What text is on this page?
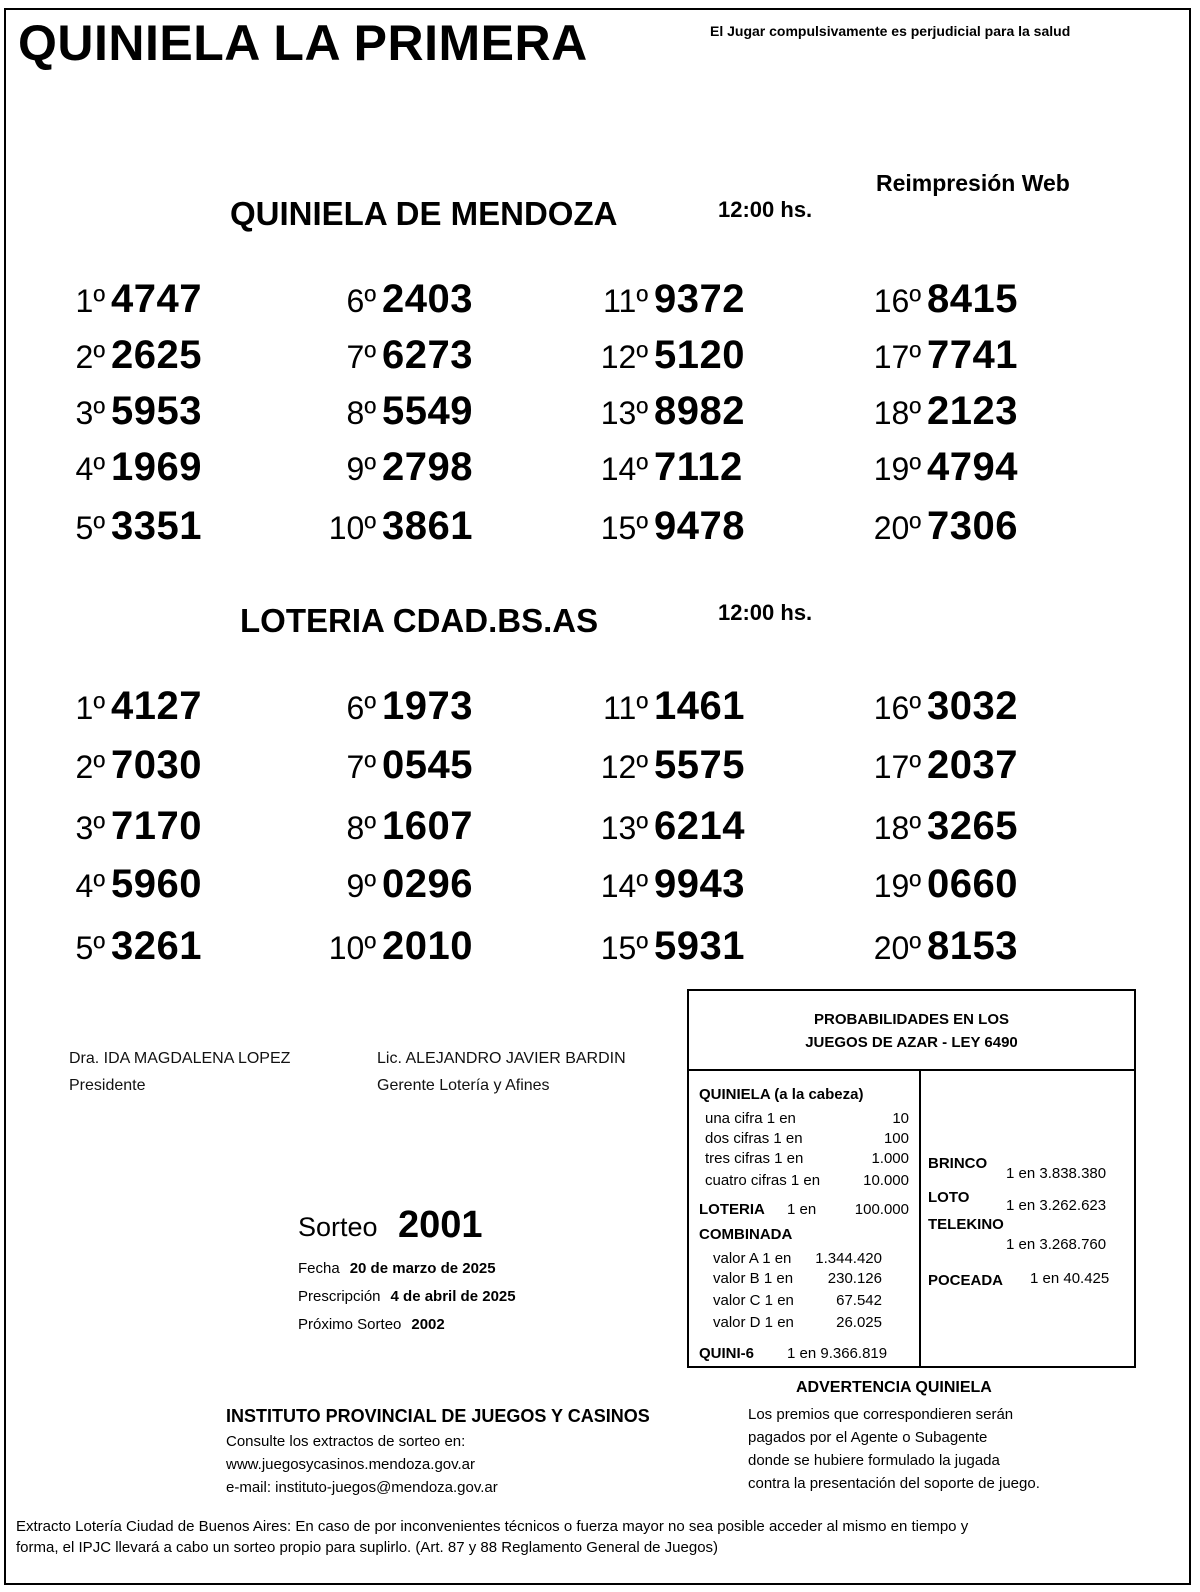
QUINIELA LA PRIMERA	El Jugar compulsivamente es perjudicial para la salud
Reimpresión Web
QUINIELA DE MENDOZA	12:00 hs.
1º 4747
2º 2625
3º 5953
4º 1969
5º 3351
6º 2403
7º 6273
8º 5549
9º 2798
10º 3861
11º 9372
12º 5120
13º 8982
14º 7112
15º 9478
16º 8415
17º 7741
18º 2123
19º 4794
20º 7306
LOTERIA CDAD.BS.AS	12:00 hs.
1º 4127
2º 7030
3º 7170
4º 5960
5º 3261
6º 1973
7º 0545
8º 1607
9º 0296
10º 2010
11º 1461
12º 5575
13º 6214
14º 9943
15º 5931
16º 3032
17º 2037
18º 3265
19º 0660
20º 8153
Dra. IDA MAGDALENA LOPEZ
Presidente
Lic. ALEJANDRO JAVIER BARDIN
Gerente Lotería y Afines
Sorteo 2001
Fecha 20 de marzo de 2025
Prescripción 4 de abril de 2025
Próximo Sorteo 2002
PROBABILIDADES EN LOS
JUEGOS DE AZAR - LEY 6490
QUINIELA (a la cabeza)
una cifra 1 en	10
dos cifras 1 en	100
tres cifras 1 en	1.000
cuatro cifras 1 en	10.000
LOTERIA 1 en	100.000
COMBINADA
valor A 1 en 1.344.420
valor B 1 en 230.126
valor C 1 en	67.542
valor D 1 en	26.025
QUINI-6 1 en 9.366.819
BRINCO
1 en 3.838.380
LOTO 1 en 3.262.623
TELEKINO
1 en 3.268.760
POCEADA 1 en 40.425
ADVERTENCIA QUINIELA
Los premios que correspondieren serán
pagados por el Agente o Subagente
donde se hubiere formulado la jugada
contra la presentación del soporte de juego.
INSTITUTO PROVINCIAL DE JUEGOS Y CASINOS
Consulte los extractos de sorteo en:
www.juegosycasinos.mendoza.gov.ar
e-mail: instituto-juegos@mendoza.gov.ar
Extracto Lotería Ciudad de Buenos Aires: En caso de por inconvenientes técnicos o fuerza mayor no sea posible acceder al mismo en tiempo y
forma, el IPJC llevará a cabo un sorteo propio para suplirlo. (Art. 87 y 88 Reglamento General de Juegos)
